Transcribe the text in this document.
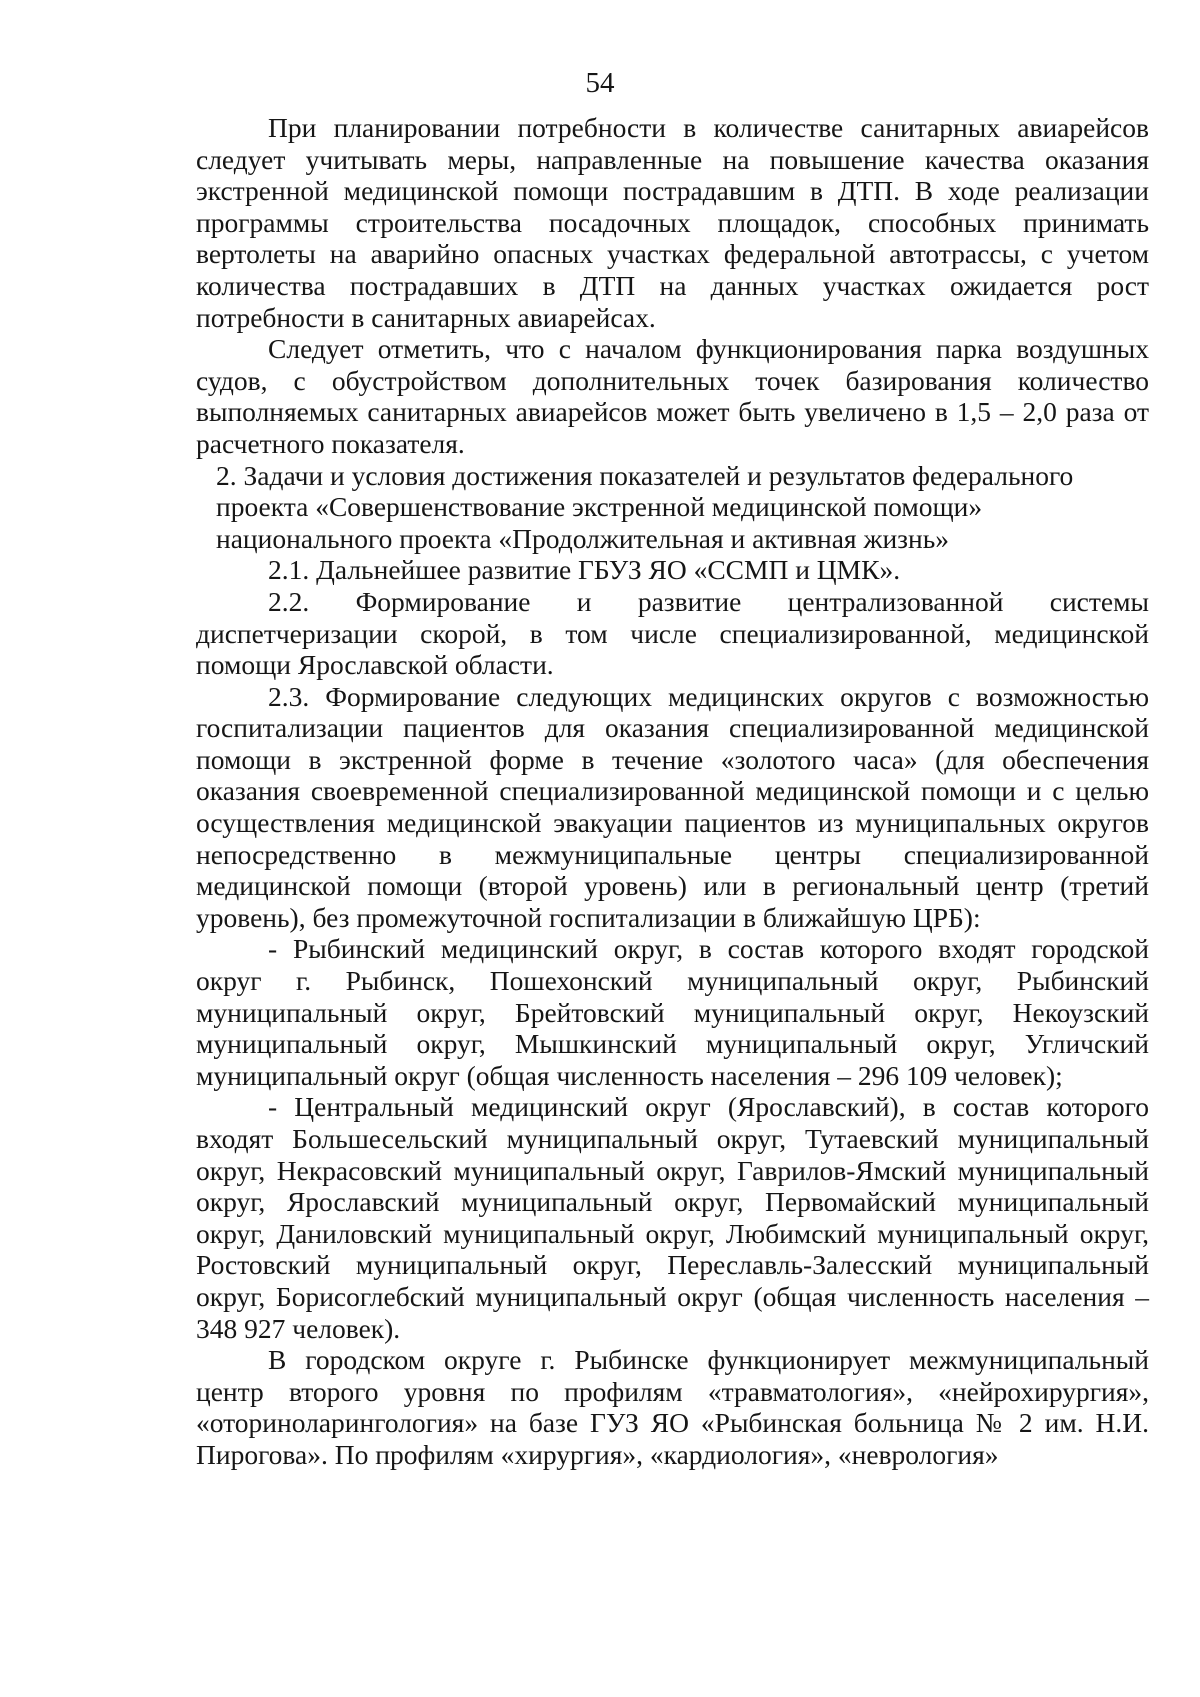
54

При планировании потребности в количестве санитарных авиарейсов следует учитывать меры, направленные на повышение качества оказания экстренной медицинской помощи пострадавшим в ДТП. В ходе реализации программы строительства посадочных площадок, способных принимать вертолеты на аварийно опасных участках федеральной автотрассы, с учетом количества пострадавших в ДТП на данных участках ожидается рост потребности в санитарных авиарейсах.

Следует отметить, что с началом функционирования парка воздушных судов, с обустройством дополнительных точек базирования количество выполняемых санитарных авиарейсов может быть увеличено в 1,5 – 2,0 раза от расчетного показателя.

2. Задачи и условия достижения показателей и результатов федерального
проекта «Совершенствование экстренной медицинской помощи»
национального проекта «Продолжительная и активная жизнь»

2.1. Дальнейшее развитие ГБУЗ ЯО «ССМП и ЦМК».

2.2. Формирование и развитие централизованной системы диспетчеризации скорой, в том числе специализированной, медицинской помощи Ярославской области.

2.3. Формирование следующих медицинских округов с возможностью госпитализации пациентов для оказания специализированной медицинской помощи в экстренной форме в течение «золотого часа» (для обеспечения оказания своевременной специализированной медицинской помощи и с целью осуществления медицинской эвакуации пациентов из муниципальных округов непосредственно в межмуниципальные центры специализированной медицинской помощи (второй уровень) или в региональный центр (третий уровень), без промежуточной госпитализации в ближайшую ЦРБ):

- Рыбинский медицинский округ, в состав которого входят городской округ г. Рыбинск, Пошехонский муниципальный округ, Рыбинский муниципальный округ, Брейтовский муниципальный округ, Некоузский муниципальный округ, Мышкинский муниципальный округ, Угличский муниципальный округ (общая численность населения – 296 109 человек);

- Центральный медицинский округ (Ярославский), в состав которого входят Большесельский муниципальный округ, Тутаевский муниципальный округ, Некрасовский муниципальный округ, Гаврилов-Ямский муниципальный округ, Ярославский муниципальный округ, Первомайский муниципальный округ, Даниловский муниципальный округ, Любимский муниципальный округ, Ростовский муниципальный округ, Переславль-Залесский муниципальный округ, Борисоглебский муниципальный округ (общая численность населения – 348 927 человек).

В городском округе г. Рыбинске функционирует межмуниципальный центр второго уровня по профилям «травматология», «нейрохирургия», «оториноларингология» на базе ГУЗ ЯО «Рыбинская больница № 2 им. Н.И. Пирогова». По профилям «хирургия», «кардиология», «неврология»
